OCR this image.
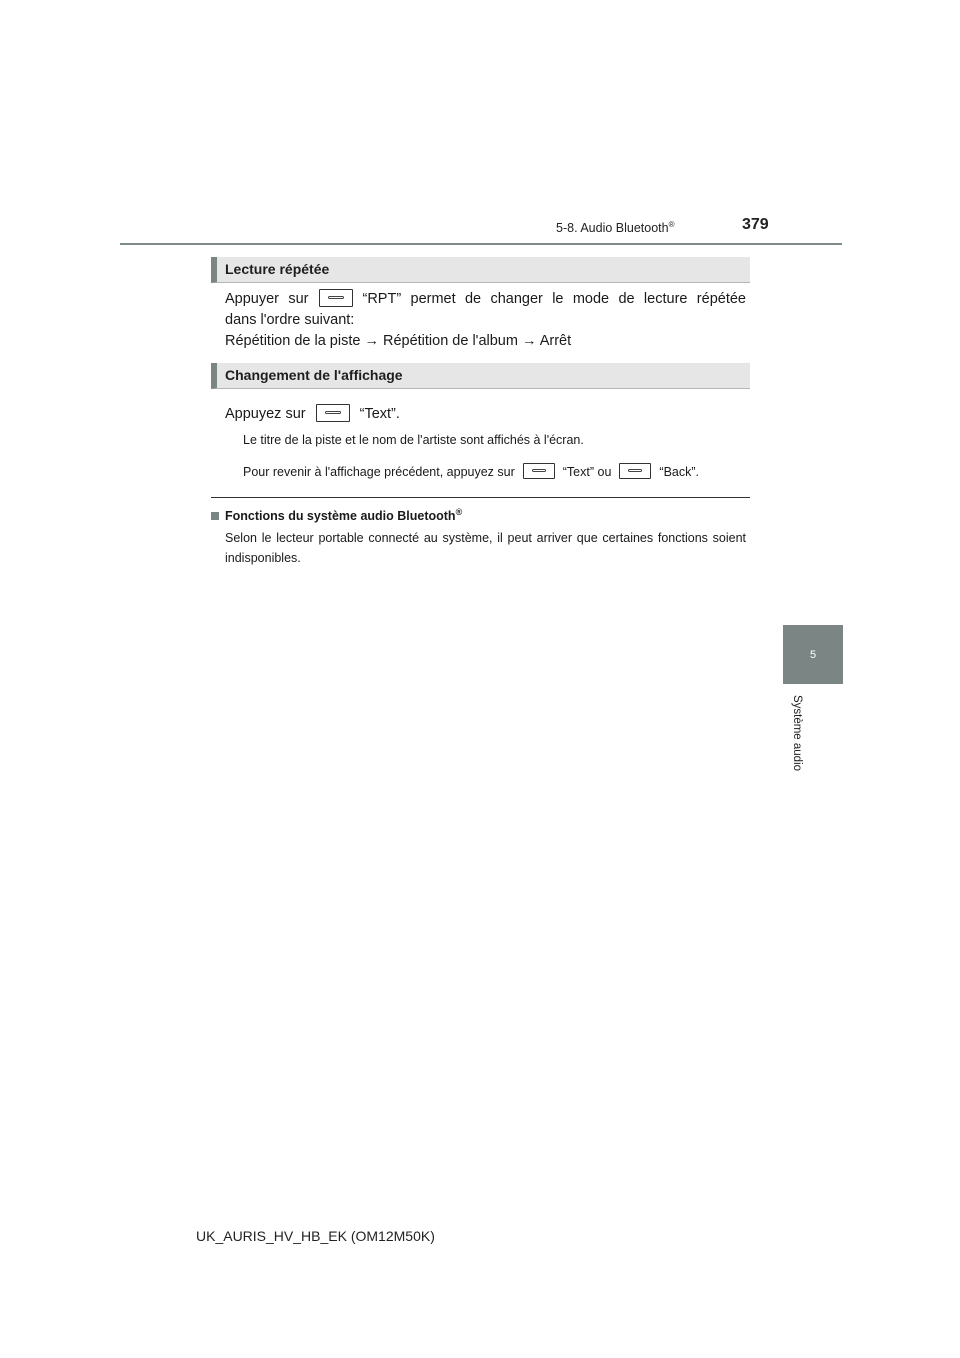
5-8. Audio Bluetooth®	379
5
Système audio
Lecture répétée
Appuyer sur	“RPT” permet de changer le mode de lecture répétée
dans l'ordre suivant:
Répétition de la piste → Répétition de l'album → Arrêt
Changement de l'affichage
Appuyez sur	“Text”.
Le titre de la piste et le nom de l'artiste sont affichés à l'écran.
Pour revenir à l'affichage précédent, appuyez sur	“Text” ou	“Back”.
Fonctions du système audio Bluetooth®
Selon le lecteur portable connecté au système, il peut arriver que certaines fonctions soient indisponibles.
UK_AURIS_HV_HB_EK (OM12M50K)
